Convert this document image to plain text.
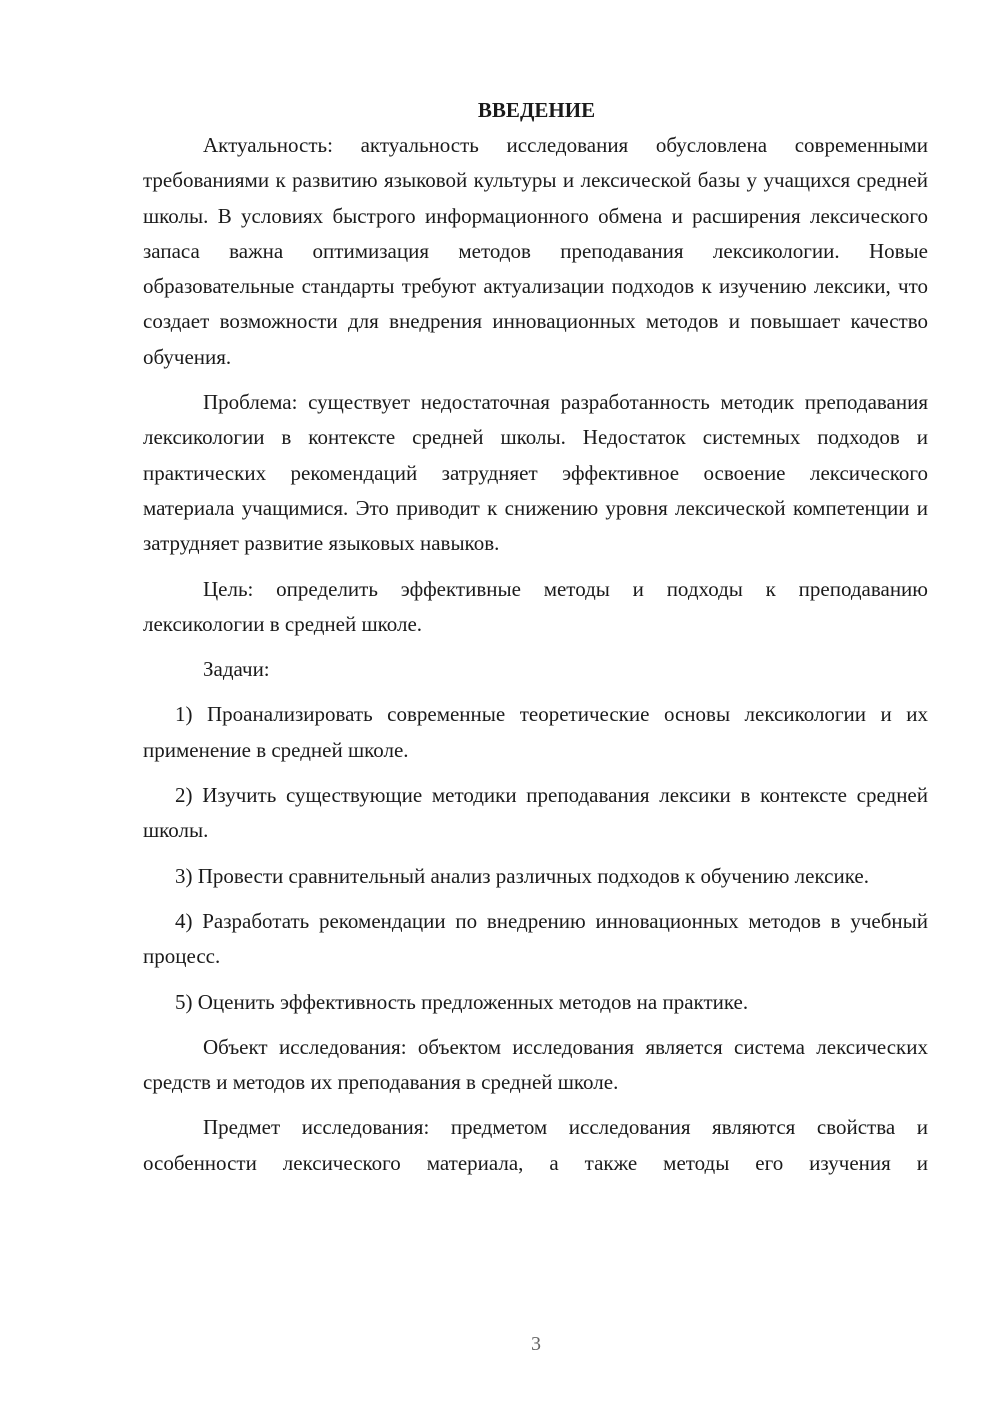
ВВЕДЕНИЕ

Актуальность: актуальность исследования обусловлена современными требованиями к развитию языковой культуры и лексической базы у учащихся средней школы. В условиях быстрого информационного обмена и расширения лексического запаса важна оптимизация методов преподавания лексикологии. Новые образовательные стандарты требуют актуализации подходов к изучению лексики, что создает возможности для внедрения инновационных методов и повышает качество обучения.

Проблема: существует недостаточная разработанность методик преподавания лексикологии в контексте средней школы. Недостаток системных подходов и практических рекомендаций затрудняет эффективное освоение лексического материала учащимися. Это приводит к снижению уровня лексической компетенции и затрудняет развитие языковых навыков.

Цель: определить эффективные методы и подходы к преподаванию лексикологии в средней школе.

Задачи:

1) Проанализировать современные теоретические основы лексикологии и их применение в средней школе.

2) Изучить существующие методики преподавания лексики в контексте средней школы.

3) Провести сравнительный анализ различных подходов к обучению лексике.

4) Разработать рекомендации по внедрению инновационных методов в учебный процесс.

5) Оценить эффективность предложенных методов на практике.

Объект исследования: объектом исследования является система лексических средств и методов их преподавания в средней школе.

Предмет исследования: предметом исследования являются свойства и особенности лексического материала, а также методы его изучения и

3
